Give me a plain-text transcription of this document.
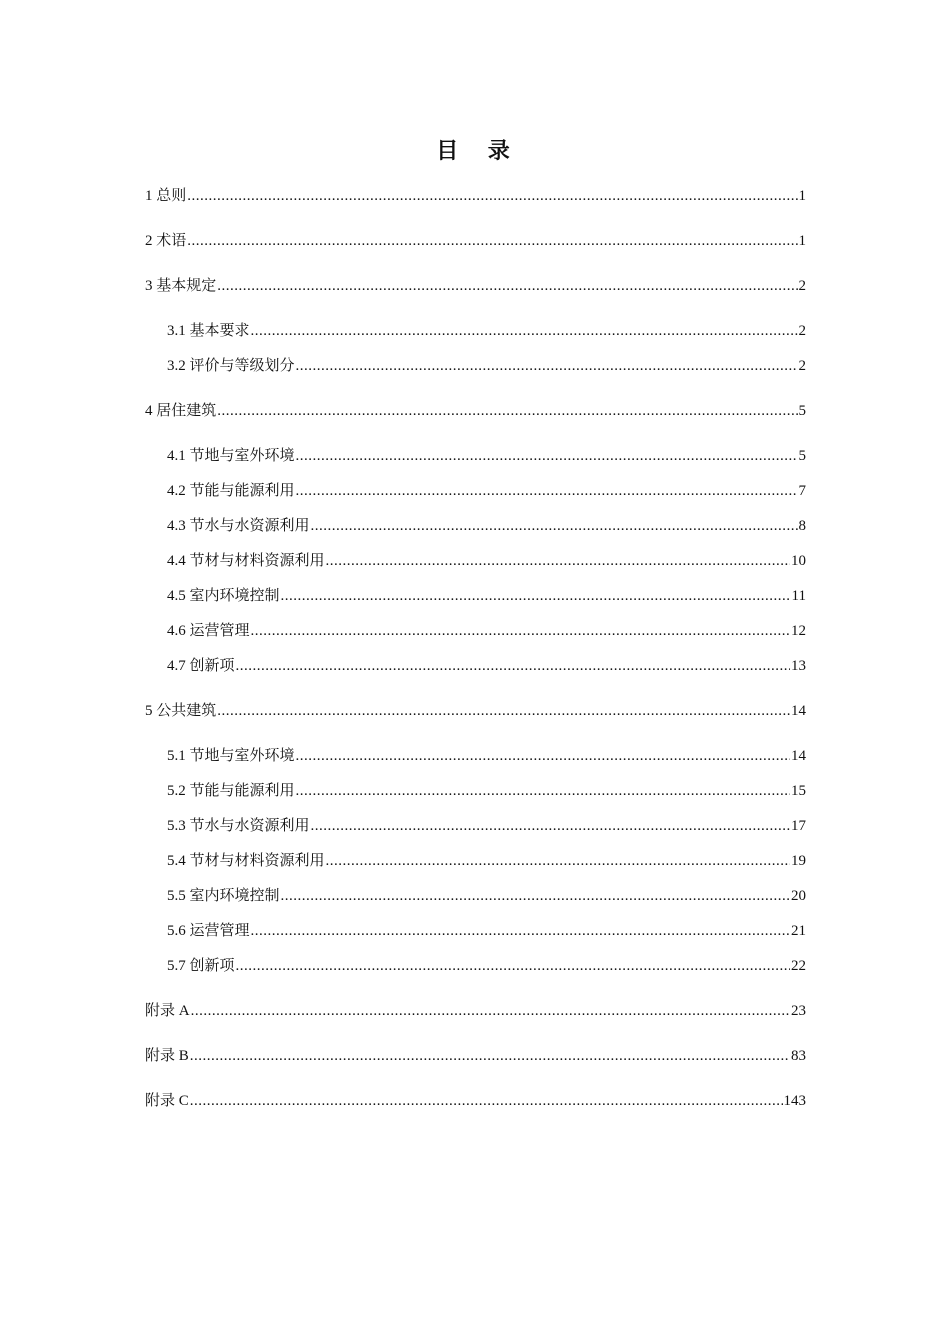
目 录
1 总则 .....	1
2 术语 .....	1
3 基本规定 .....	2
3.1 基本要求 .....	2
3.2 评价与等级划分 .....	2
4 居住建筑 .....	5
4.1 节地与室外环境 .....	5
4.2 节能与能源利用 .....	7
4.3 节水与水资源利用 .....	8
4.4 节材与材料资源利用 .....	10
4.5 室内环境控制 .....	11
4.6 运营管理 .....	12
4.7 创新项 .....	13
5 公共建筑 .....	14
5.1 节地与室外环境 .....	14
5.2 节能与能源利用 .....	15
5.3 节水与水资源利用 .....	17
5.4 节材与材料资源利用 .....	19
5.5 室内环境控制 .....	20
5.6 运营管理 .....	21
5.7 创新项 .....	22
附录 A .....	23
附录 B .....	83
附录 C .....	143
